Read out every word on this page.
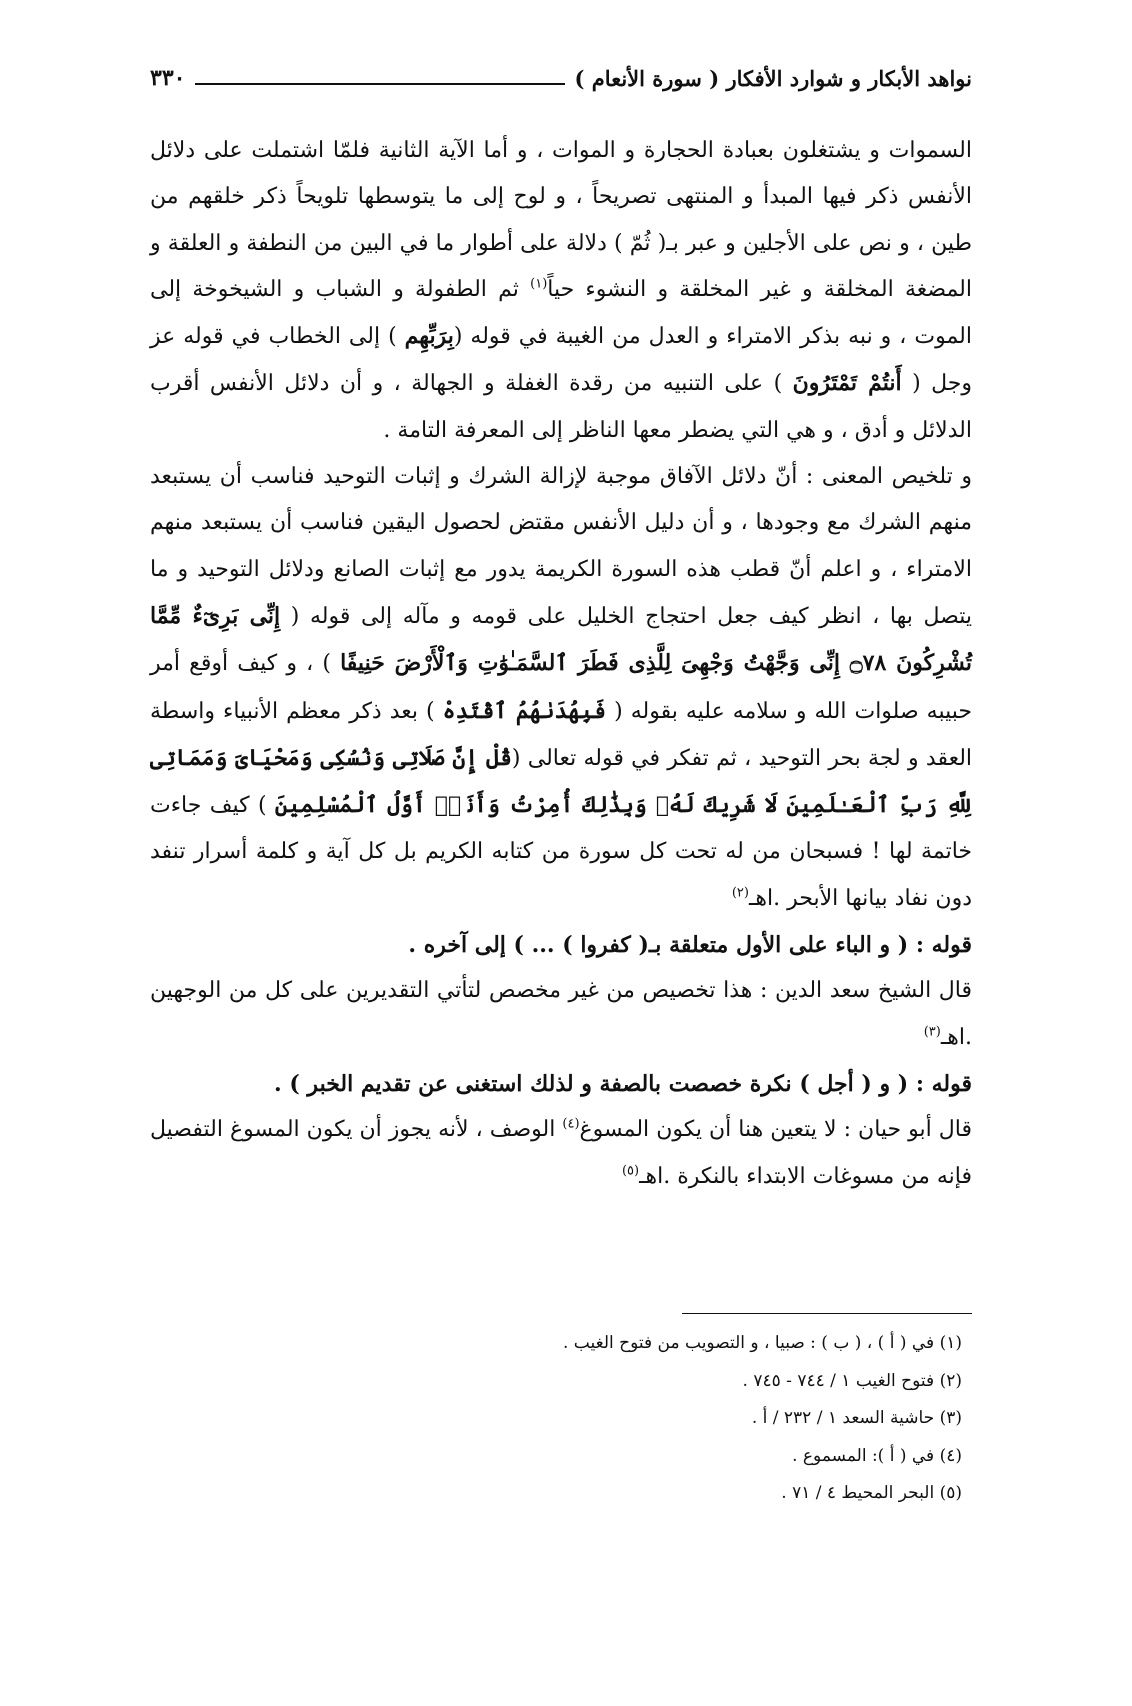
نواهد الأبكار و شوارد الأفكار ( سورة الأنعام )
٣٣٠

السموات و يشتغلون بعبادة الحجارة و الموات ، و أما الآية الثانية فلمّا اشتملت على دلائل الأنفس ذكر فيها المبدأ و المنتهى تصريحاً ، و لوح إلى ما يتوسطها تلويحاً ذكر خلقهم من طين ، و نص على الأجلين و عبر بـ( ثُمّ ) دلالة على أطوار ما في البين من النطفة و العلقة و المضغة المخلقة و غير المخلقة و النشوء حياً$^{(١)}$ ثم الطفولة و الشباب و الشيخوخة إلى الموت ، و نبه بذكر الامتراء و العدل من الغيبة في قوله (بِرَبِّهِم ) إلى الخطاب في قوله عز وجل ( أَنتُمْ تَمْتَرُونَ ) على التنبيه من رقدة الغفلة و الجهالة ، و أن دلائل الأنفس أقرب الدلائل و أدق ، و هي التي يضطر معها الناظر إلى المعرفة التامة .

و تلخيص المعنى : أنّ دلائل الآفاق موجبة لإزالة الشرك و إثبات التوحيد فناسب أن يستبعد منهم الشرك مع وجودها ، و أن دليل الأنفس مقتض لحصول اليقين فناسب أن يستبعد منهم الامتراء ، و اعلم أنّ قطب هذه السورة الكريمة يدور مع إثبات الصانع ودلائل التوحيد و ما يتصل بها ، انظر كيف جعل احتجاج الخليل على قومه و مآله إلى قوله ( إِنِّى بَرِىٓءٌ مِّمَّا تُشْرِكُونَ ۝٧٨ إِنِّى وَجَّهْتُ وَجْهِىَ لِلَّذِى فَطَرَ ٱلسَّمَـٰوَٰتِ وَٱلْأَرْضَ حَنِيفًا ) ، و كيف أوقع أمر حبيبه صلوات الله و سلامه عليه بقوله ( فَبِهُدَىٰهُمُ ٱقْتَدِهْ ) بعد ذكر معظم الأنبياء واسطة العقد و لجة بحر التوحيد ، ثم تفكر في قوله تعالى (قُلْ إِنَّ صَلَاتِى وَنُسُكِى وَمَحْيَاىَ وَمَمَاتِى لِلَّهِ رَبِّ ٱلْعَـٰلَمِينَ لَا شَرِيكَ لَهُۥ وَبِذَٰلِكَ أُمِرْتُ وَأَنَا۠ أَوَّلُ ٱلْمُسْلِمِينَ ) كيف جاءت خاتمة لها ! فسبحان من له تحت كل سورة من كتابه الكريم بل كل آية و كلمة أسرار تنفد دون نفاد بيانها الأبحر .اهـ$^{(٢)}$

قوله : ( و الباء على الأول متعلقة بـ( كفروا ) ... ) إلى آخره .

قال الشيخ سعد الدين : هذا تخصيص من غير مخصص لتأتي التقديرين على كل من الوجهين .اهـ$^{(٣)}$

قوله : ( و ( أجل ) نكرة خصصت بالصفة و لذلك استغنى عن تقديم الخبر ) .

قال أبو حيان : لا يتعين هنا أن يكون المسوغ$^{(٤)}$ الوصف ، لأنه يجوز أن يكون المسوغ التفصيل فإنه من مسوغات الابتداء بالنكرة .اهـ$^{(٥)}$

(١) في ( أ ) ، ( ب ) : صبيا ، و التصويب من فتوح الغيب .

(٢) فتوح الغيب ١ / ٧٤٤ - ٧٤٥ .

(٣) حاشية السعد ١ / ٢٣٢ / أ .

(٤) في ( أ ): المسموع .

(٥) البحر المحيط ٤ / ٧١ .
